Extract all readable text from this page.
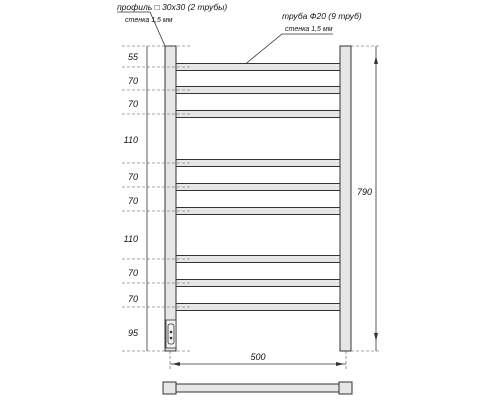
профиль □ 30х30 (2 трубы)
стенка 1,5 мм	труба Ф20 (9 труб)
стенка 1,5 мм
55
70
70
110
70
70
110
70
70
95
790
500
